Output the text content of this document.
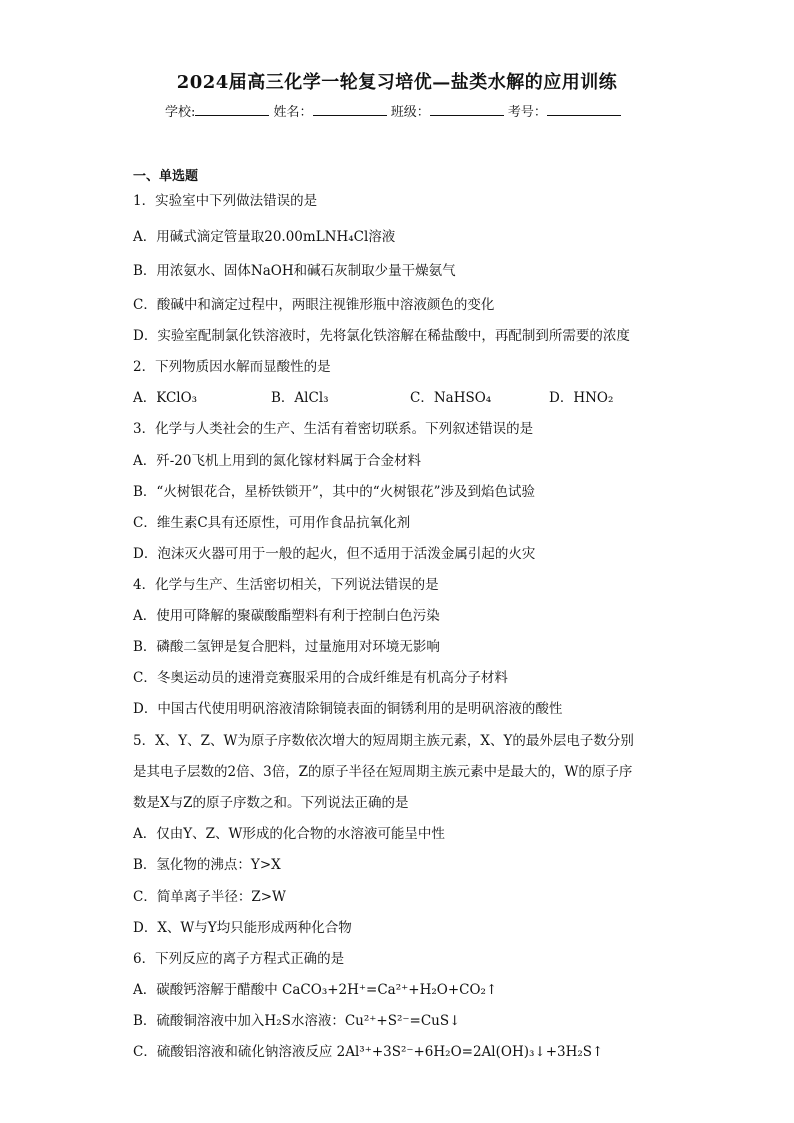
2024届高三化学一轮复习培优—盐类水解的应用训练
学校:	姓名：	班级：	考号：
一、单选题
1．实验室中下列做法错误的是
A．用碱式滴定管量取20.00mLNH₄Cl溶液
B．用浓氨水、固体NaOH和碱石灰制取少量干燥氨气
C．酸碱中和滴定过程中，两眼注视锥形瓶中溶液颜色的变化
D．实验室配制氯化铁溶液时，先将氯化铁溶解在稀盐酸中，再配制到所需要的浓度
2．下列物质因水解而显酸性的是
A．KClO₃	B．AlCl₃	C．NaHSO₄	D．HNO₂
3．化学与人类社会的生产、生活有着密切联系。下列叙述错误的是
A．歼-20飞机上用到的氮化镓材料属于合金材料
B．“火树银花合，星桥铁锁开”，其中的“火树银花”涉及到焰色试验
C．维生素C具有还原性，可用作食品抗氧化剂
D．泡沫灭火器可用于一般的起火，但不适用于活泼金属引起的火灾
4．化学与生产、生活密切相关，下列说法错误的是
A．使用可降解的聚碳酸酯塑料有利于控制白色污染
B．磷酸二氢钾是复合肥料，过量施用对环境无影响
C．冬奥运动员的速滑竞赛服采用的合成纤维是有机高分子材料
D．中国古代使用明矾溶液清除铜镜表面的铜锈利用的是明矾溶液的酸性
5．X、Y、Z、W为原子序数依次增大的短周期主族元素，X、Y的最外层电子数分别
是其电子层数的2倍、3倍，Z的原子半径在短周期主族元素中是最大的，W的原子序
数是X与Z的原子序数之和。下列说法正确的是
A．仅由Y、Z、W形成的化合物的水溶液可能呈中性
B．氢化物的沸点：Y>X
C．简单离子半径：Z>W
D．X、W与Y均只能形成两种化合物
6．下列反应的离子方程式正确的是
A．碳酸钙溶解于醋酸中 CaCO₃+2H⁺=Ca²⁺+H₂O+CO₂↑
B．硫酸铜溶液中加入H₂S水溶液：Cu²⁺+S²⁻=CuS↓
C．硫酸铝溶液和硫化钠溶液反应 2Al³⁺+3S²⁻+6H₂O=2Al(OH)₃↓+3H₂S↑
